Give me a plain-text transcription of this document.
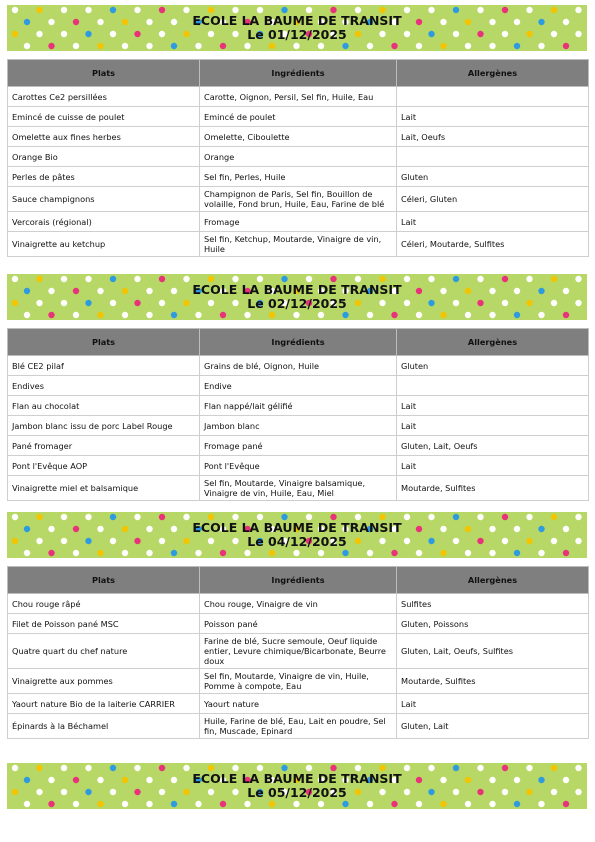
ECOLE LA BAUME DE TRANSIT
Le 01/12/2025
Plats	Ingrédients	Allergènes
Carottes Ce2 persillées	Carotte, Oignon, Persil, Sel fin, Huile, Eau	
Emincé de cuisse de poulet	Emincé de poulet	Lait
Omelette aux fines herbes	Omelette, Ciboulette	Lait, Oeufs
Orange Bio	Orange	
Perles de pâtes	Sel fin, Perles, Huile	Gluten
Sauce champignons	Champignon de Paris, Sel fin, Bouillon de volaille, Fond brun, Huile, Eau, Farine de blé	Céleri, Gluten
Vercorais (régional)	Fromage	Lait
Vinaigrette au ketchup	Sel fin, Ketchup, Moutarde, Vinaigre de vin, Huile	Céleri, Moutarde, Sulfites
ECOLE LA BAUME DE TRANSIT
Le 02/12/2025
Plats	Ingrédients	Allergènes
Blé CE2 pilaf	Grains de blé, Oignon, Huile	Gluten
Endives	Endive	
Flan au chocolat	Flan nappé/lait gélifié	Lait
Jambon blanc issu de porc Label Rouge	Jambon blanc	Lait
Pané fromager	Fromage pané	Gluten, Lait, Oeufs
Pont l'Evêque AOP	Pont l'Evêque	Lait
Vinaigrette miel et balsamique	Sel fin, Moutarde, Vinaigre balsamique, Vinaigre de vin, Huile, Eau, Miel	Moutarde, Sulfites
ECOLE LA BAUME DE TRANSIT
Le 04/12/2025
Plats	Ingrédients	Allergènes
Chou rouge râpé	Chou rouge, Vinaigre de vin	Sulfites
Filet de Poisson pané MSC	Poisson pané	Gluten, Poissons
Quatre quart du chef nature	Farine de blé, Sucre semoule, Oeuf liquide entier, Levure chimique/Bicarbonate, Beurre doux	Gluten, Lait, Oeufs, Sulfites
Vinaigrette aux pommes	Sel fin, Moutarde, Vinaigre de vin, Huile, Pomme à compote, Eau	Moutarde, Sulfites
Yaourt nature Bio de la laiterie CARRIER	Yaourt nature	Lait
Épinards à la Béchamel	Huile, Farine de blé, Eau, Lait en poudre, Sel fin, Muscade, Epinard	Gluten, Lait
ECOLE LA BAUME DE TRANSIT
Le 05/12/2025
